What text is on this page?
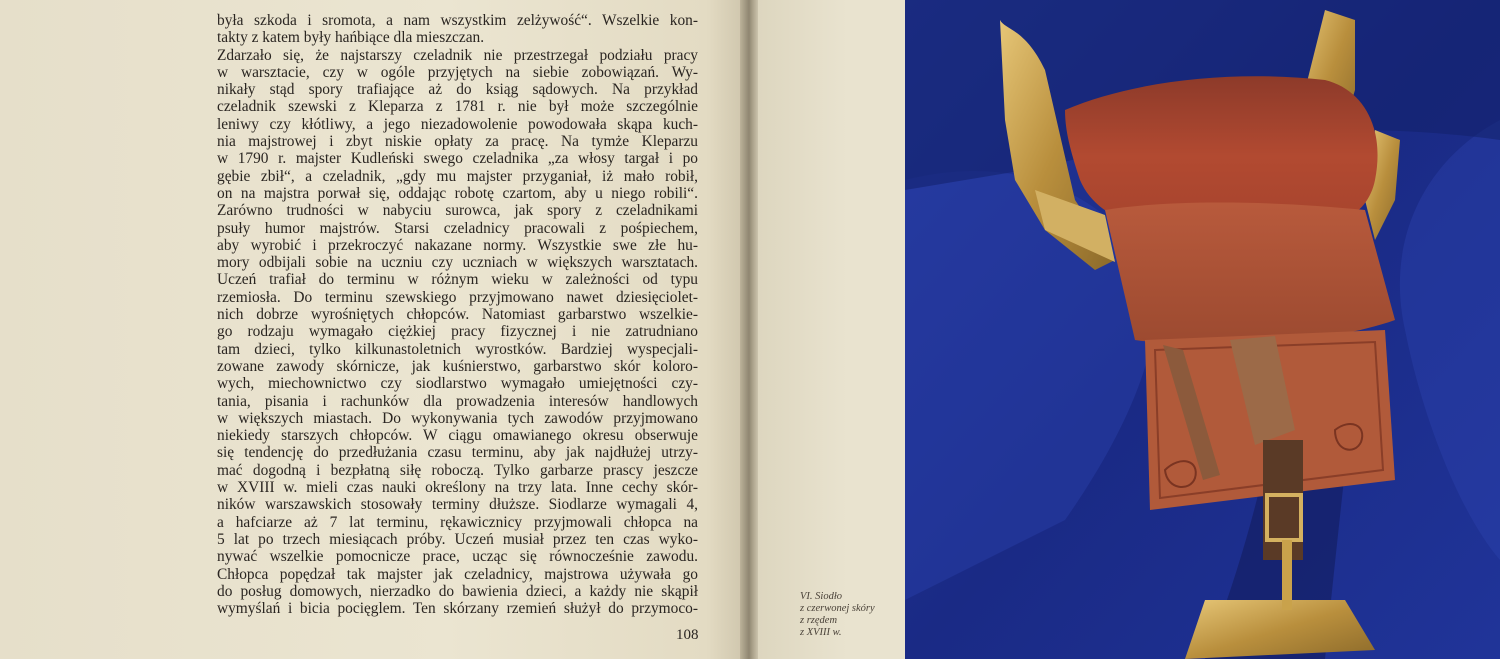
była szkoda i sromota, a nam wszystkim zelżywość“. Wszelkie kon-
takty z katem były hańbiące dla mieszczan.
Zdarzało się, że najstarszy czeladnik nie przestrzegał podziału pracy
w warsztacie, czy w ogóle przyjętych na siebie zobowiązań. Wy-
nikały stąd spory trafiające aż do ksiąg sądowych. Na przykład
czeladnik szewski z Kleparza z 1781 r. nie był może szczególnie
leniwy czy kłótliwy, a jego niezadowolenie powodowała skąpa kuch-
nia majstrowej i zbyt niskie opłaty za pracę. Na tymże Kleparzu
w 1790 r. majster Kudleński swego czeladnika „za włosy targał i po
gębie zbił“, a czeladnik, „gdy mu majster przyganiał, iż mało robił,
on na majstra porwał się, oddając robotę czartom, aby u niego robili“.
Zarówno trudności w nabyciu surowca, jak spory z czeladnikami
psuły humor majstrów. Starsi czeladnicy pracowali z pośpiechem,
aby wyrobić i przekroczyć nakazane normy. Wszystkie swe złe hu-
mory odbijali sobie na uczniu czy uczniach w większych warsztatach.
Uczeń trafiał do terminu w różnym wieku w zależności od typu
rzemiosła. Do terminu szewskiego przyjmowano nawet dziesięciolet-
nich dobrze wyrośniętych chłopców. Natomiast garbarstwo wszelkie-
go rodzaju wymagało ciężkiej pracy fizycznej i nie zatrudniano
tam dzieci, tylko kilkunastoletnich wyrostków. Bardziej wyspecjali-
zowane zawody skórnicze, jak kuśnierstwo, garbarstwo skór koloro-
wych, miechownictwo czy siodlarstwo wymagało umiejętności czy-
tania, pisania i rachunków dla prowadzenia interesów handlowych
w większych miastach. Do wykonywania tych zawodów przyjmowano
niekiedy starszych chłopców. W ciągu omawianego okresu obserwuje
się tendencję do przedłużania czasu terminu, aby jak najdłużej utrzy-
mać dogodną i bezpłatną siłę roboczą. Tylko garbarze prascy jeszcze
w XVIII w. mieli czas nauki określony na trzy lata. Inne cechy skór-
ników warszawskich stosowały terminy dłuższe. Siodlarze wymagali 4,
a hafciarze aż 7 lat terminu, rękawicznicy przyjmowali chłopca na
5 lat po trzech miesiącach próby. Uczeń musiał przez ten czas wyko-
nywać wszelkie pomocnicze prace, ucząc się równocześnie zawodu.
Chłopca popędzał tak majster jak czeladnicy, majstrowa używała go
do posług domowych, nierzadko do bawienia dzieci, a każdy nie skąpił
wymyślań i bicia pocięglem. Ten skórzany rzemień służył do przymoco-
108
VI. Siodło
z czerwonej skóry
z rzędem
z XVIII w.
